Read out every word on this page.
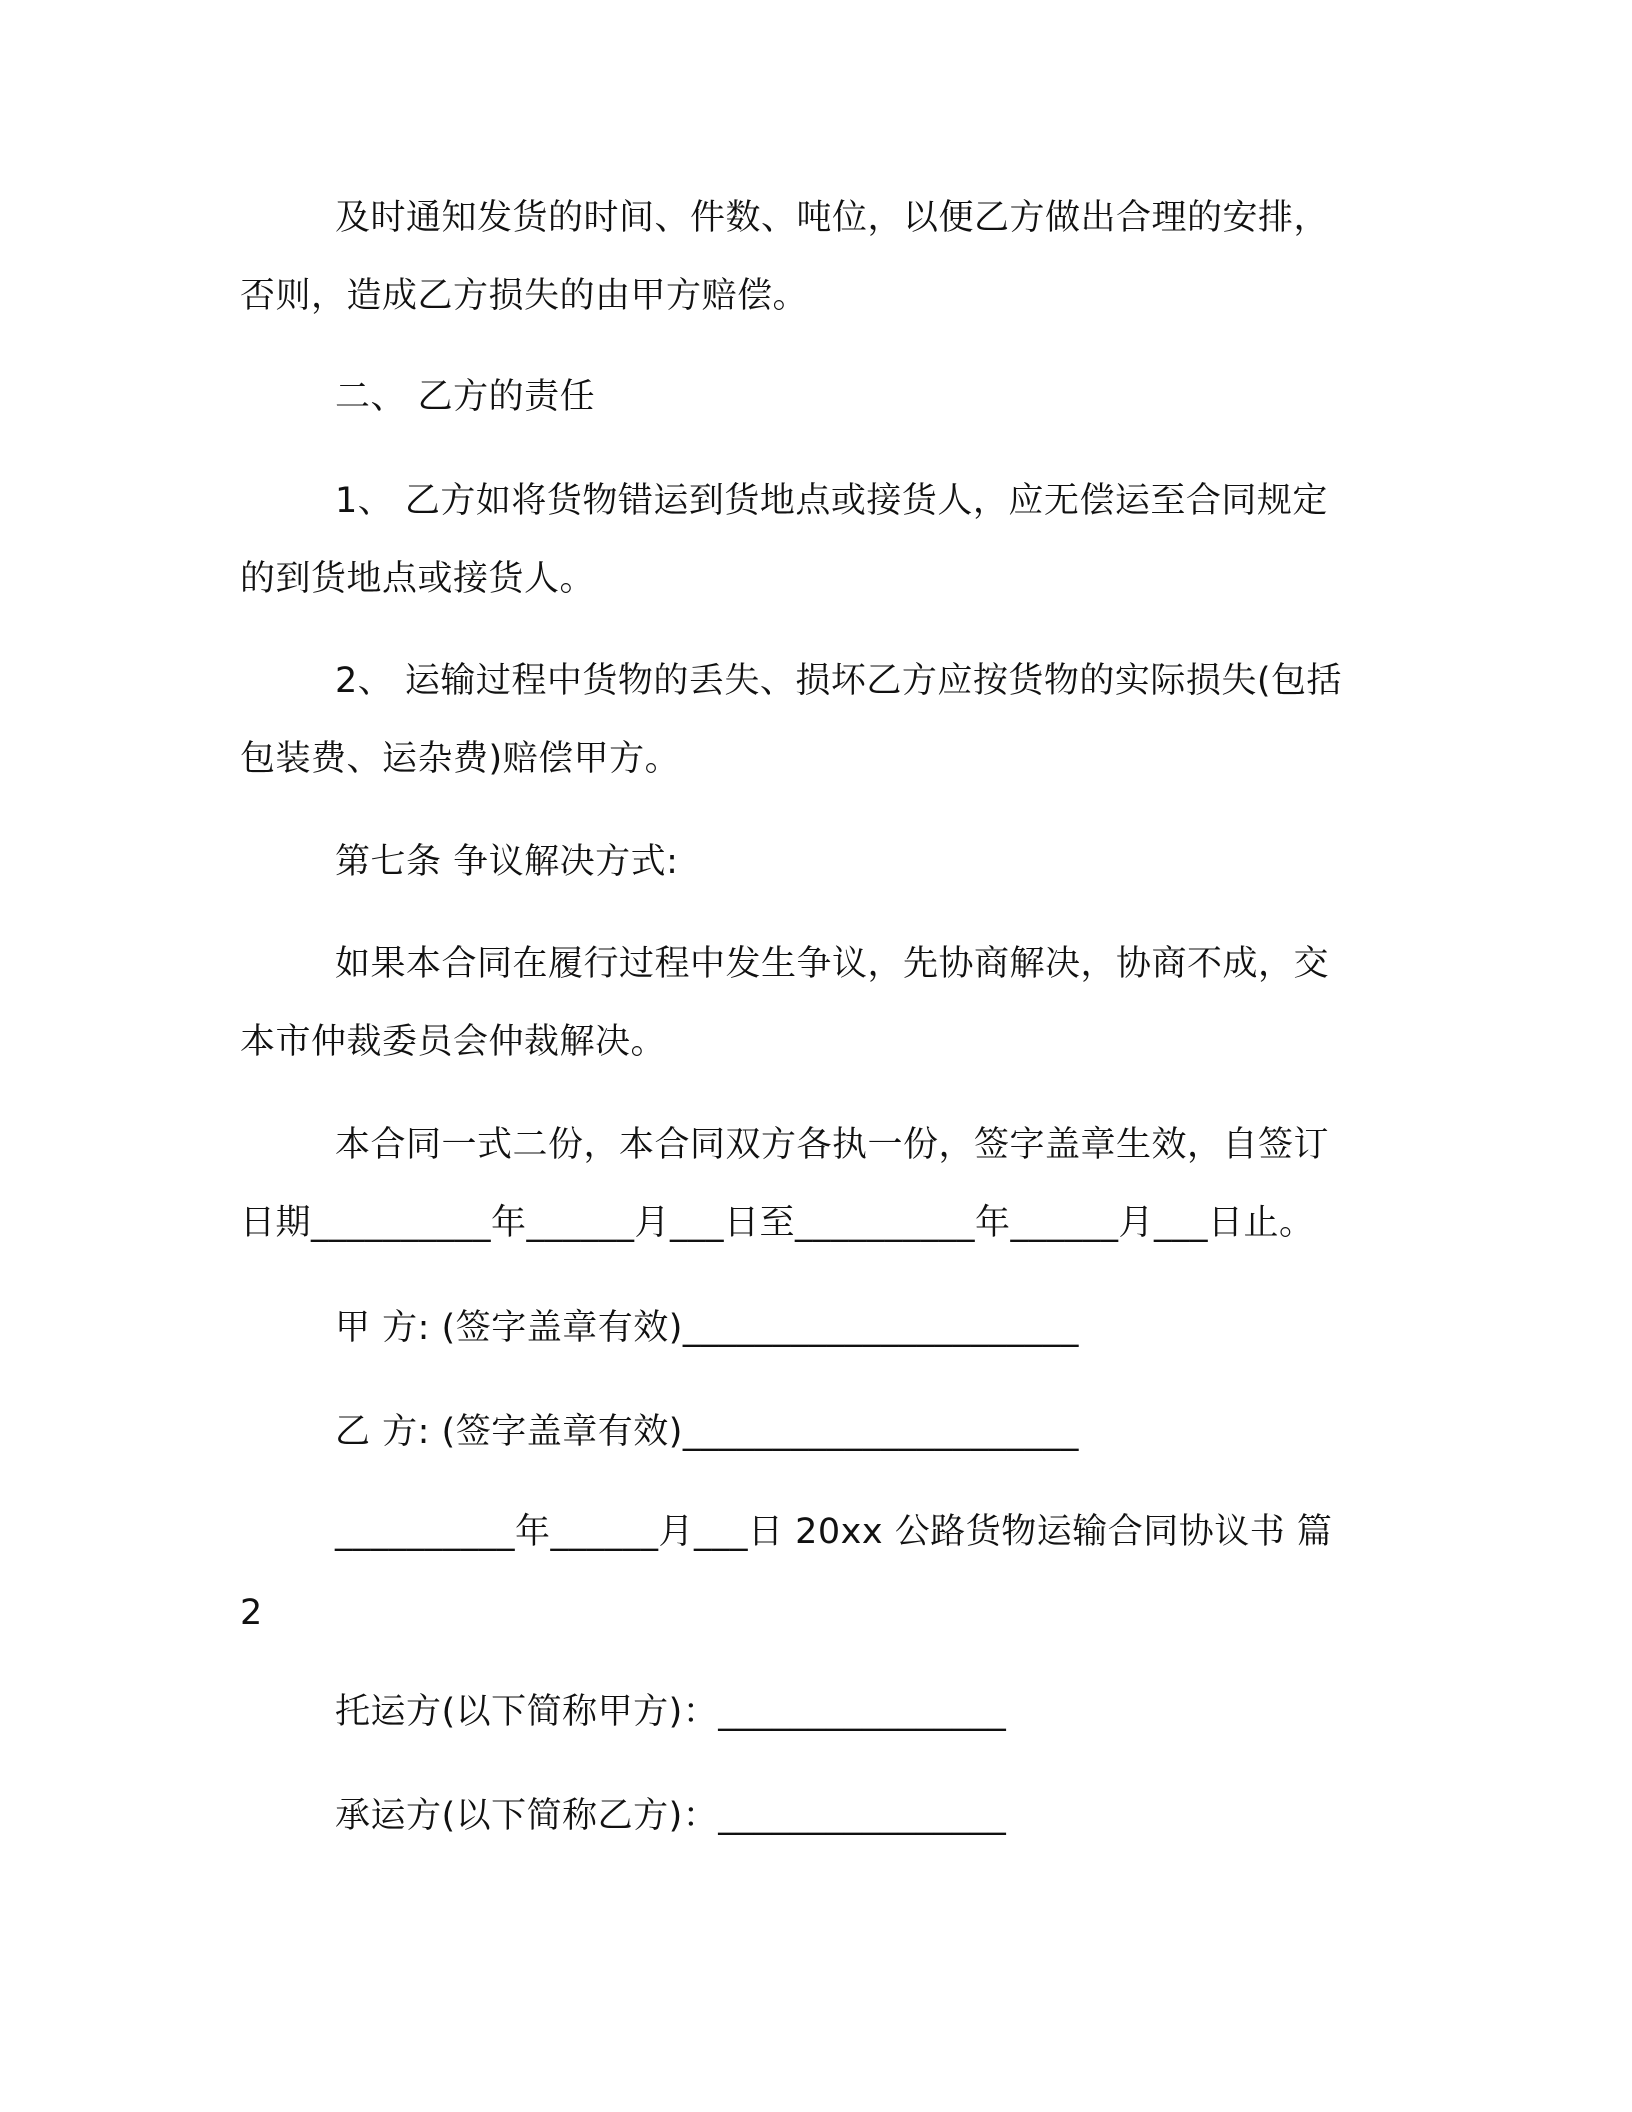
及时通知发货的时间、件数、吨位，以便乙方做出合理的安排，
否则，造成乙方损失的由甲方赔偿。
二、 乙方的责任
1、 乙方如将货物错运到货地点或接货人，应无偿运至合同规定
的到货地点或接货人。
2、 运输过程中货物的丢失、损坏乙方应按货物的实际损失(包括
包装费、运杂费)赔偿甲方。
第七条 争议解决方式:
如果本合同在履行过程中发生争议，先协商解决，协商不成，交
本市仲裁委员会仲裁解决。
本合同一式二份，本合同双方各执一份，签字盖章生效，自签订
日期__________年______月___日至__________年______月___日止。
甲 方: (签字盖章有效)______________________
乙 方: (签字盖章有效)______________________
__________年______月___日 20xx 公路货物运输合同协议书 篇
2
托运方(以下简称甲方)：________________
承运方(以下简称乙方)：________________
